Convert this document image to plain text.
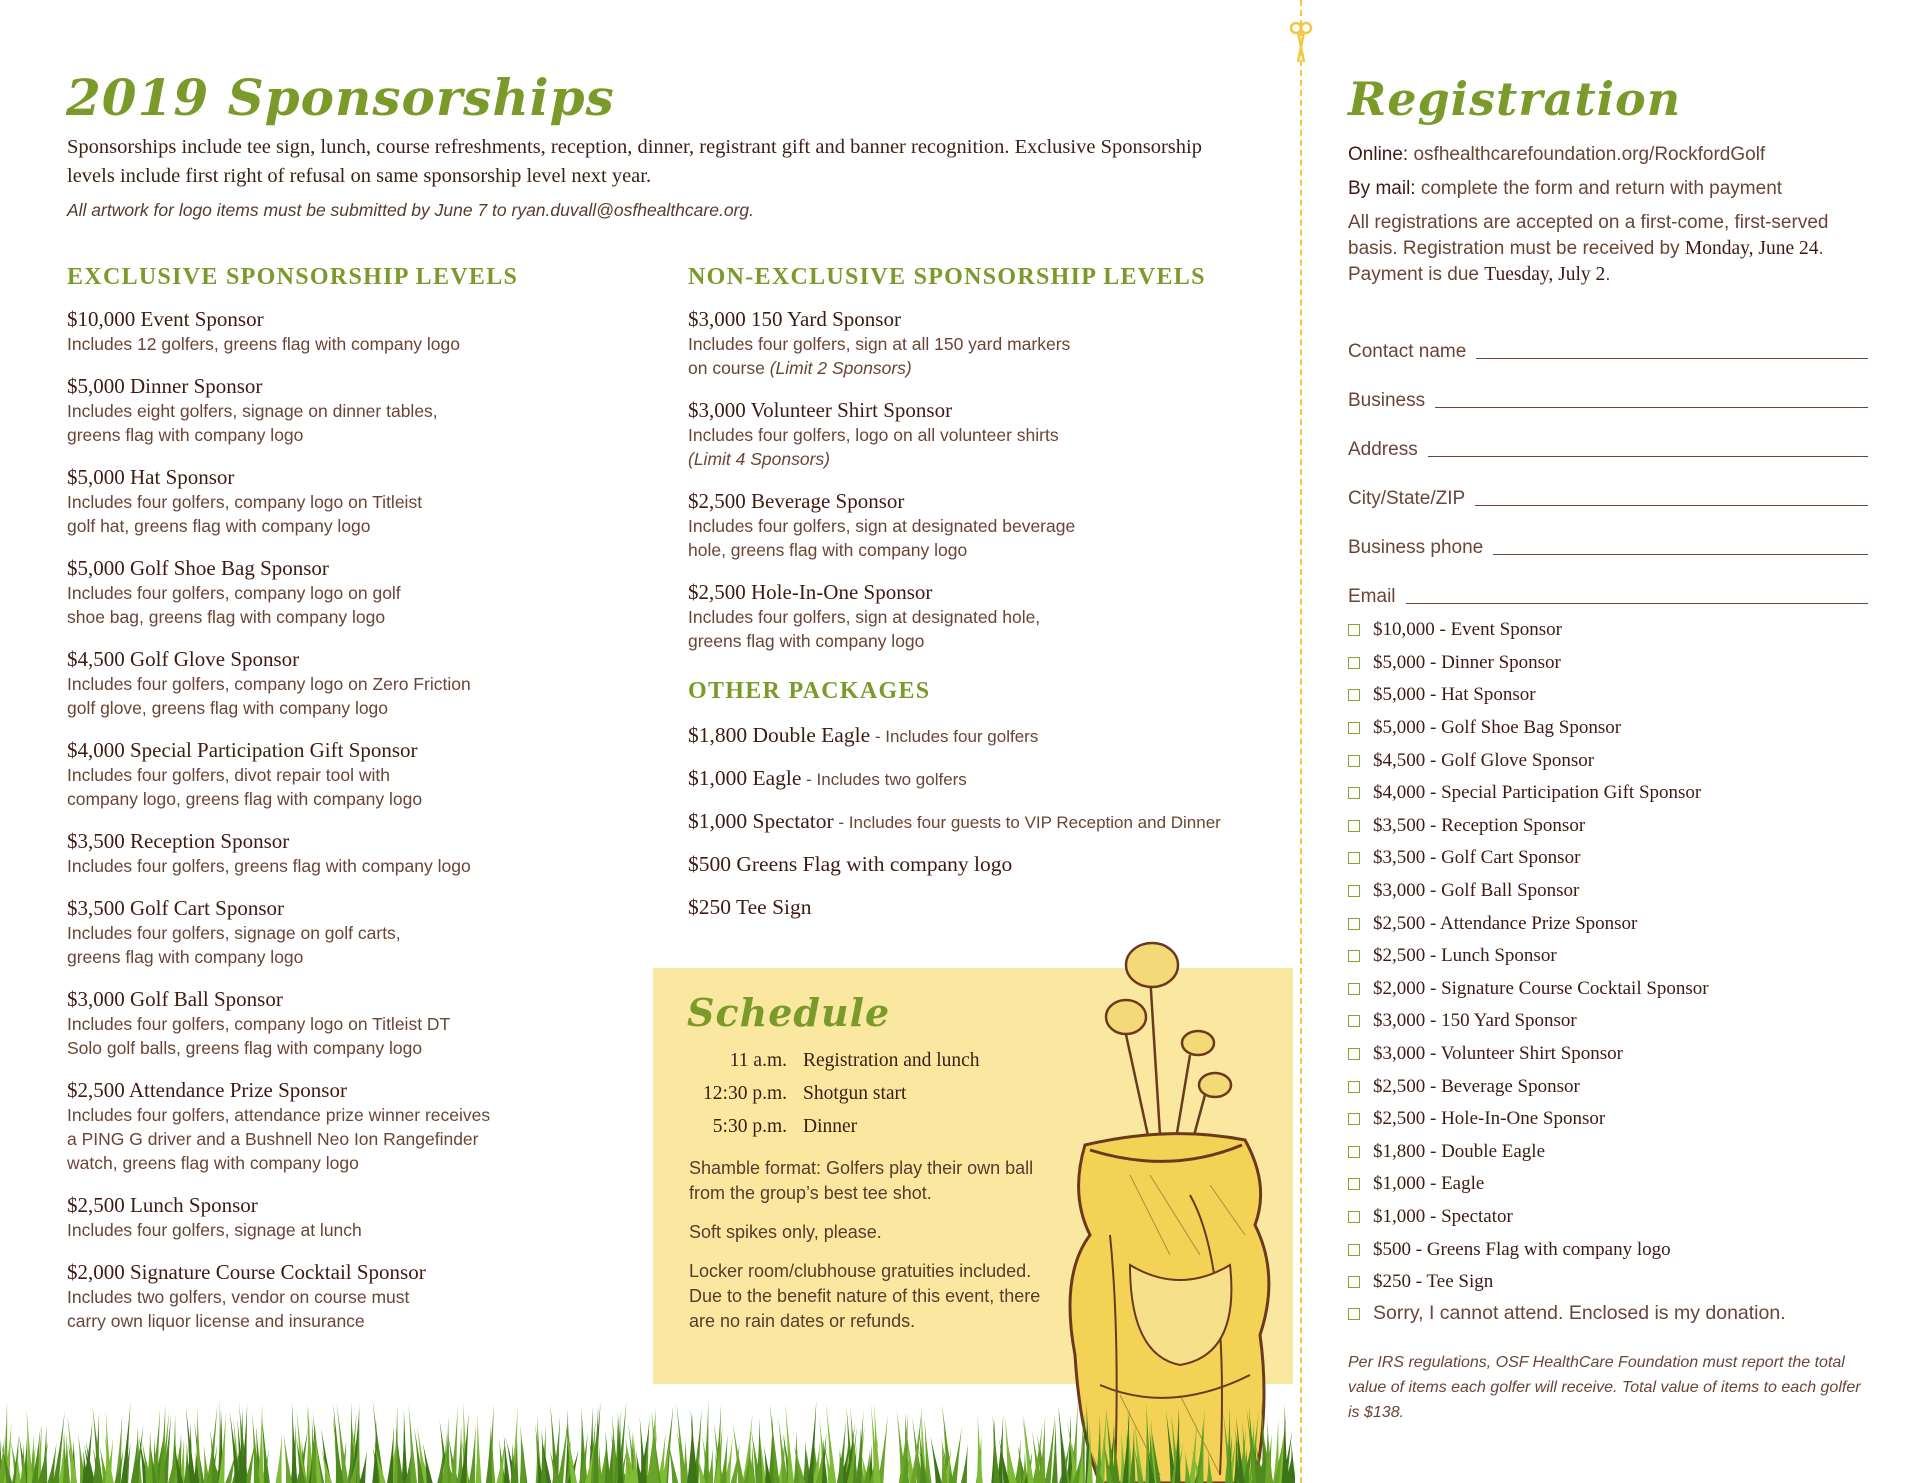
2019 Sponsorships

Sponsorships include tee sign, lunch, course refreshments, reception, dinner, registrant gift and banner recognition. Exclusive Sponsorship levels include first right of refusal on same sponsorship level next year.

All artwork for logo items must be submitted by June 7 to ryan.duvall@osfhealthcare.org.

EXCLUSIVE SPONSORSHIP LEVELS
$10,000 Event Sponsor
Includes 12 golfers, greens flag with company logo
$5,000 Dinner Sponsor
Includes eight golfers, signage on dinner tables,
greens flag with company logo
$5,000 Hat Sponsor
Includes four golfers, company logo on Titleist
golf hat, greens flag with company logo
$5,000 Golf Shoe Bag Sponsor
Includes four golfers, company logo on golf
shoe bag, greens flag with company logo
$4,500 Golf Glove Sponsor
Includes four golfers, company logo on Zero Friction
golf glove, greens flag with company logo
$4,000 Special Participation Gift Sponsor
Includes four golfers, divot repair tool with
company logo, greens flag with company logo
$3,500 Reception Sponsor
Includes four golfers, greens flag with company logo
$3,500 Golf Cart Sponsor
Includes four golfers, signage on golf carts,
greens flag with company logo
$3,000 Golf Ball Sponsor
Includes four golfers, company logo on Titleist DT
Solo golf balls, greens flag with company logo
$2,500 Attendance Prize Sponsor
Includes four golfers, attendance prize winner receives
a PING G driver and a Bushnell Neo Ion Rangefinder
watch, greens flag with company logo
$2,500 Lunch Sponsor
Includes four golfers, signage at lunch
$2,000 Signature Course Cocktail Sponsor
Includes two golfers, vendor on course must
carry own liquor license and insurance
NON-EXCLUSIVE SPONSORSHIP LEVELS
$3,000 150 Yard Sponsor
Includes four golfers, sign at all 150 yard markers
on course (Limit 2 Sponsors)
$3,000 Volunteer Shirt Sponsor
Includes four golfers, logo on all volunteer shirts
(Limit 4 Sponsors)
$2,500 Beverage Sponsor
Includes four golfers, sign at designated beverage
hole, greens flag with company logo
$2,500 Hole-In-One Sponsor
Includes four golfers, sign at designated hole,
greens flag with company logo
OTHER PACKAGES
$1,800 Double Eagle - Includes four golfers
$1,000 Eagle - Includes two golfers
$1,000 Spectator - Includes four guests to VIP Reception and Dinner
$500 Greens Flag with company logo
$250 Tee Sign
Schedule
11 a.m. Registration and lunch
12:30 p.m. Shotgun start
5:30 p.m. Dinner

Shamble format: Golfers play their own ball from the group’s best tee shot.

Soft spikes only, please.

Locker room/clubhouse gratuities included. Due to the benefit nature of this event, there are no rain dates or refunds.

Registration

Online: osfhealthcarefoundation.org/RockfordGolf

By mail: complete the form and return with payment

All registrations are accepted on a first-come, first-served basis. Registration must be received by Monday, June 24. Payment is due Tuesday, July 2.

Contact name
Business
Address
City/State/ZIP
Business phone
Email
$10,000 - Event Sponsor
$5,000 - Dinner Sponsor
$5,000 - Hat Sponsor
$5,000 - Golf Shoe Bag Sponsor
$4,500 - Golf Glove Sponsor
$4,000 - Special Participation Gift Sponsor
$3,500 - Reception Sponsor
$3,500 - Golf Cart Sponsor
$3,000 - Golf Ball Sponsor
$2,500 - Attendance Prize Sponsor
$2,500 - Lunch Sponsor
$2,000 - Signature Course Cocktail Sponsor
$3,000 - 150 Yard Sponsor
$3,000 - Volunteer Shirt Sponsor
$2,500 - Beverage Sponsor
$2,500 - Hole-In-One Sponsor
$1,800 - Double Eagle
$1,000 - Eagle
$1,000 - Spectator
$500 - Greens Flag with company logo
$250 - Tee Sign
Sorry, I cannot attend. Enclosed is my donation.

Per IRS regulations, OSF HealthCare Foundation must report the total value of items each golfer will receive. Total value of items to each golfer is $138.
